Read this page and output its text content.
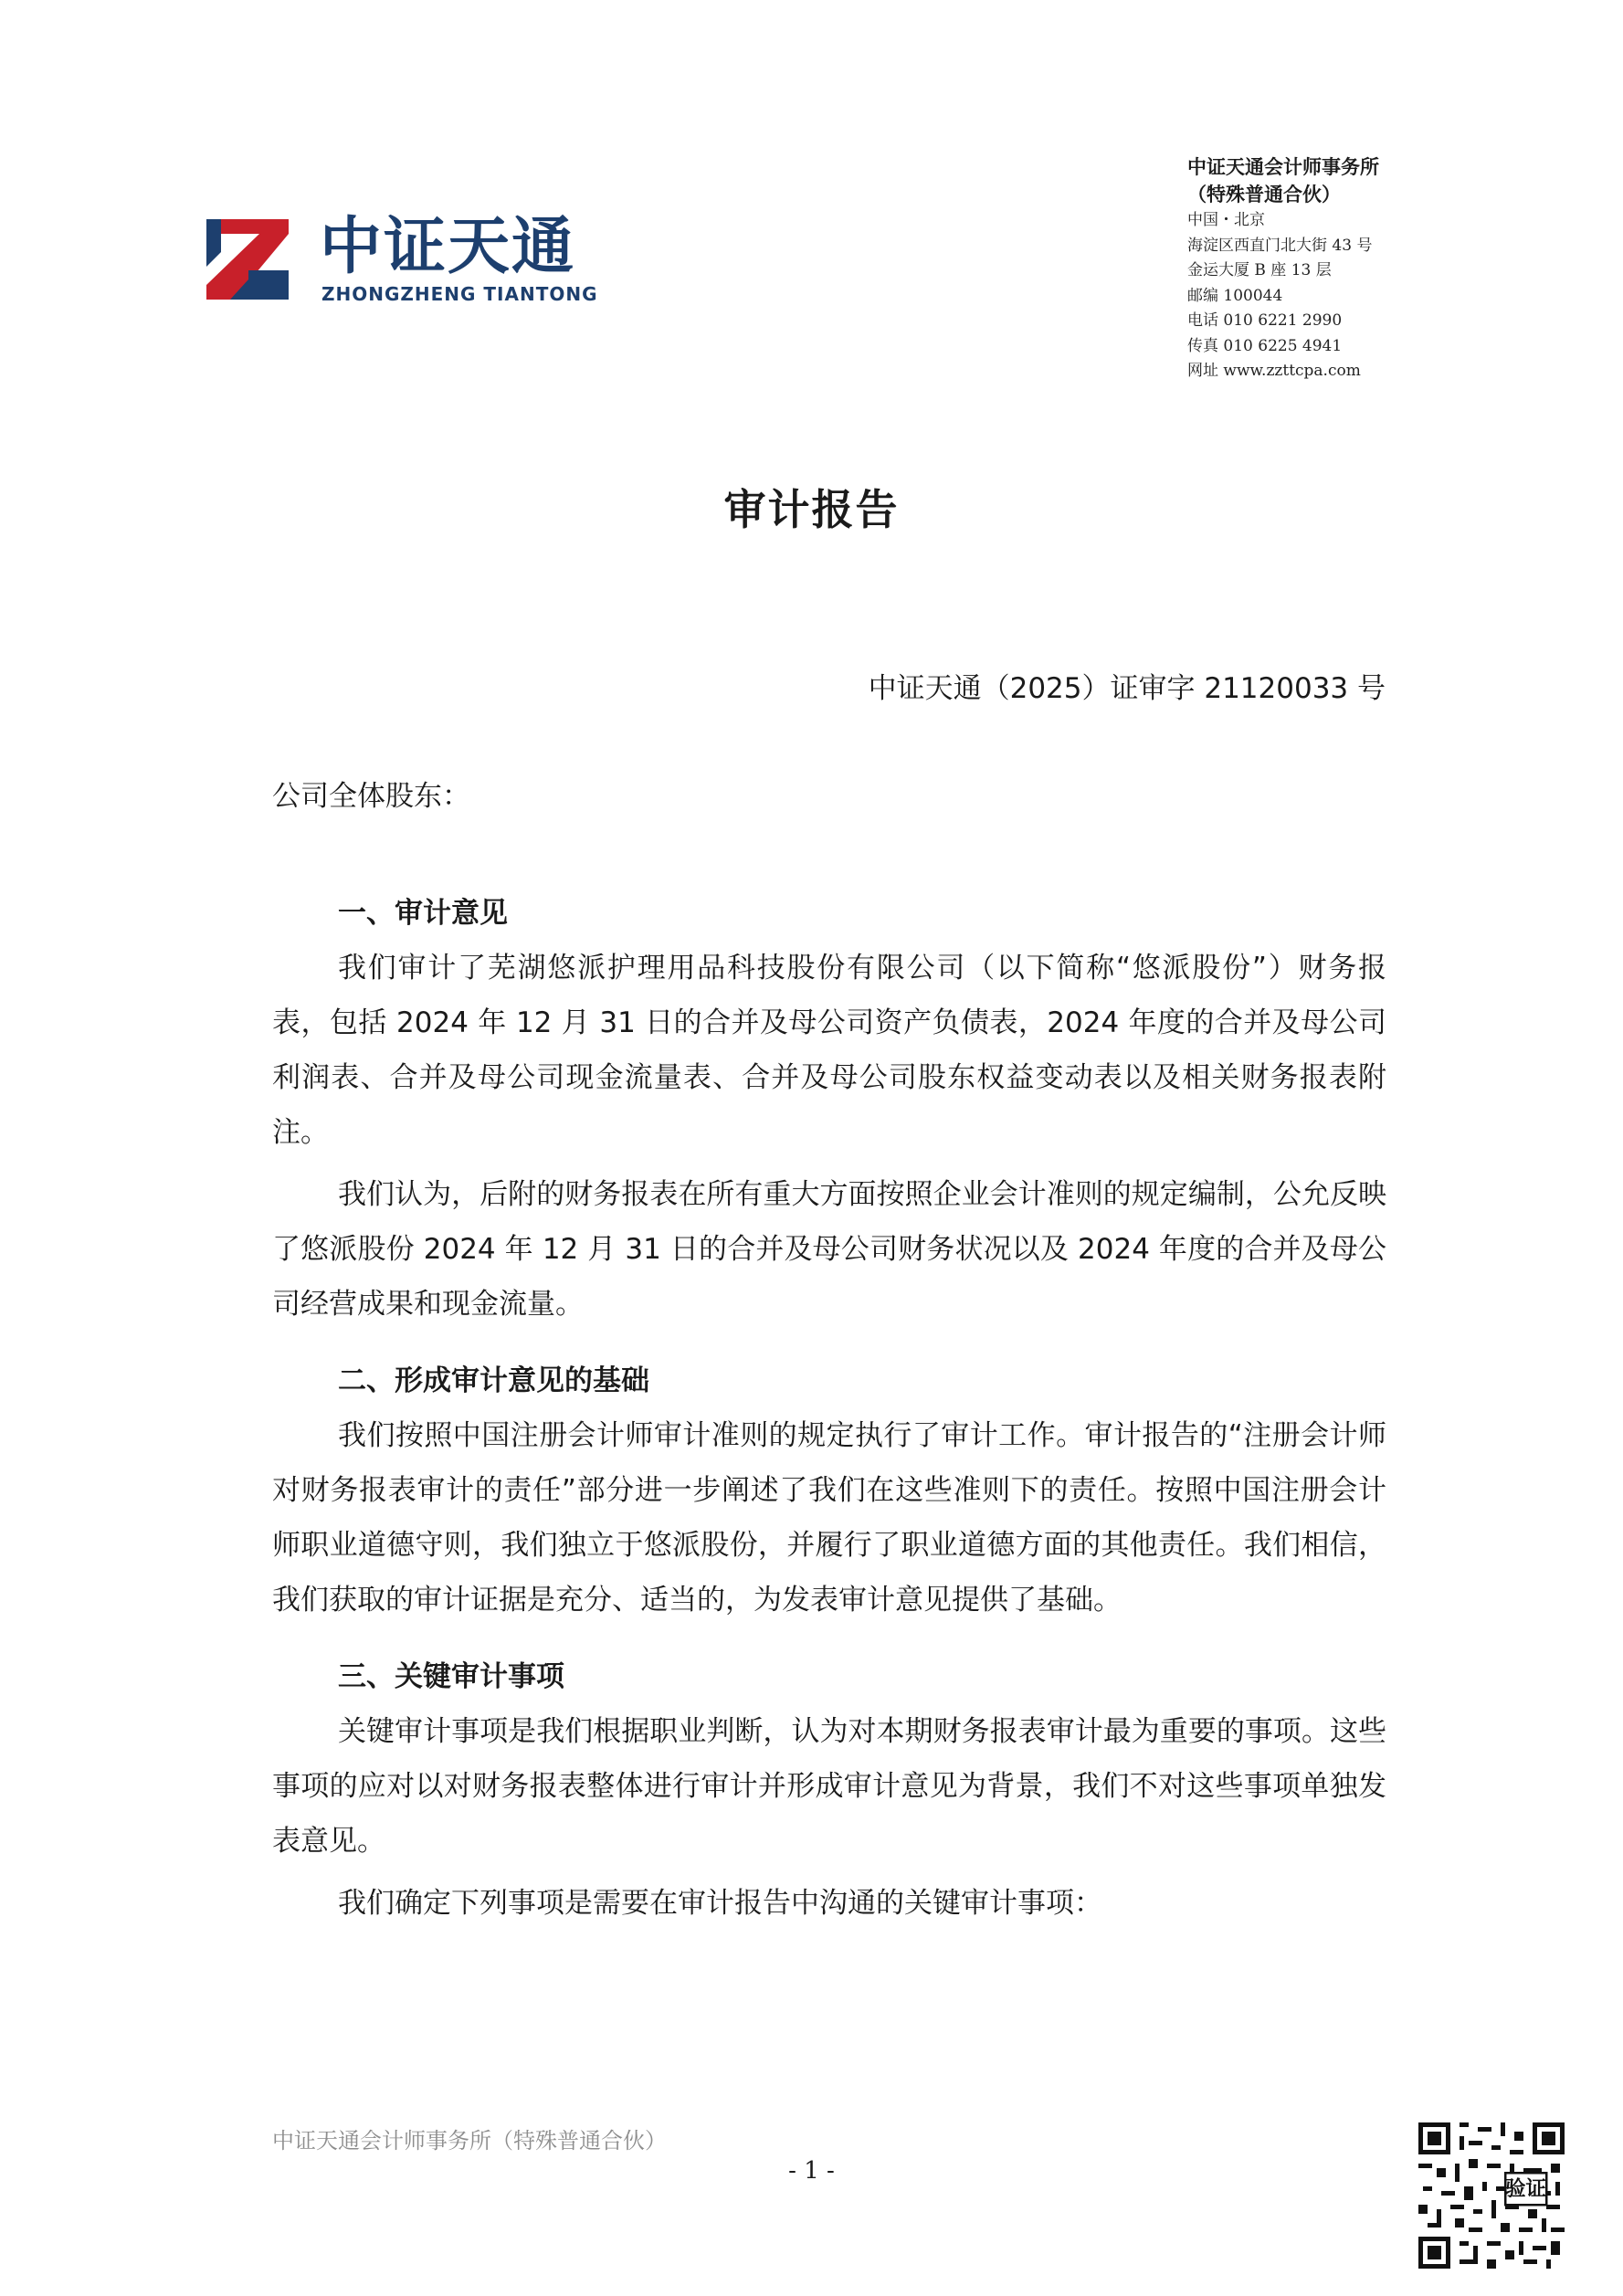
中证天通
ZHONGZHENG TIANTONG
中证天通会计师事务所
（特殊普通合伙）
中国・北京
海淀区西直门北大街 43 号
金运大厦 B 座 13 层
邮编 100044
电话 010 6221 2990
传真 010 6225 4941
网址 www.zzttcpa.com
审计报告
中证天通（2025）证审字 21120033 号
公司全体股东：
一、审计意见
我们审计了芜湖悠派护理用品科技股份有限公司（以下简称“悠派股份”）财务报表，包括 2024 年 12 月 31 日的合并及母公司资产负债表，2024 年度的合并及母公司利润表、合并及母公司现金流量表、合并及母公司股东权益变动表以及相关财务报表附注。
我们认为，后附的财务报表在所有重大方面按照企业会计准则的规定编制，公允反映了悠派股份 2024 年 12 月 31 日的合并及母公司财务状况以及 2024 年度的合并及母公司经营成果和现金流量。
二、形成审计意见的基础
我们按照中国注册会计师审计准则的规定执行了审计工作。审计报告的“注册会计师对财务报表审计的责任”部分进一步阐述了我们在这些准则下的责任。按照中国注册会计师职业道德守则，我们独立于悠派股份，并履行了职业道德方面的其他责任。我们相信，我们获取的审计证据是充分、适当的，为发表审计意见提供了基础。
三、关键审计事项
关键审计事项是我们根据职业判断，认为对本期财务报表审计最为重要的事项。这些事项的应对以对财务报表整体进行审计并形成审计意见为背景，我们不对这些事项单独发表意见。
我们确定下列事项是需要在审计报告中沟通的关键审计事项：
中证天通会计师事务所（特殊普通合伙）
- 1 -
验证
